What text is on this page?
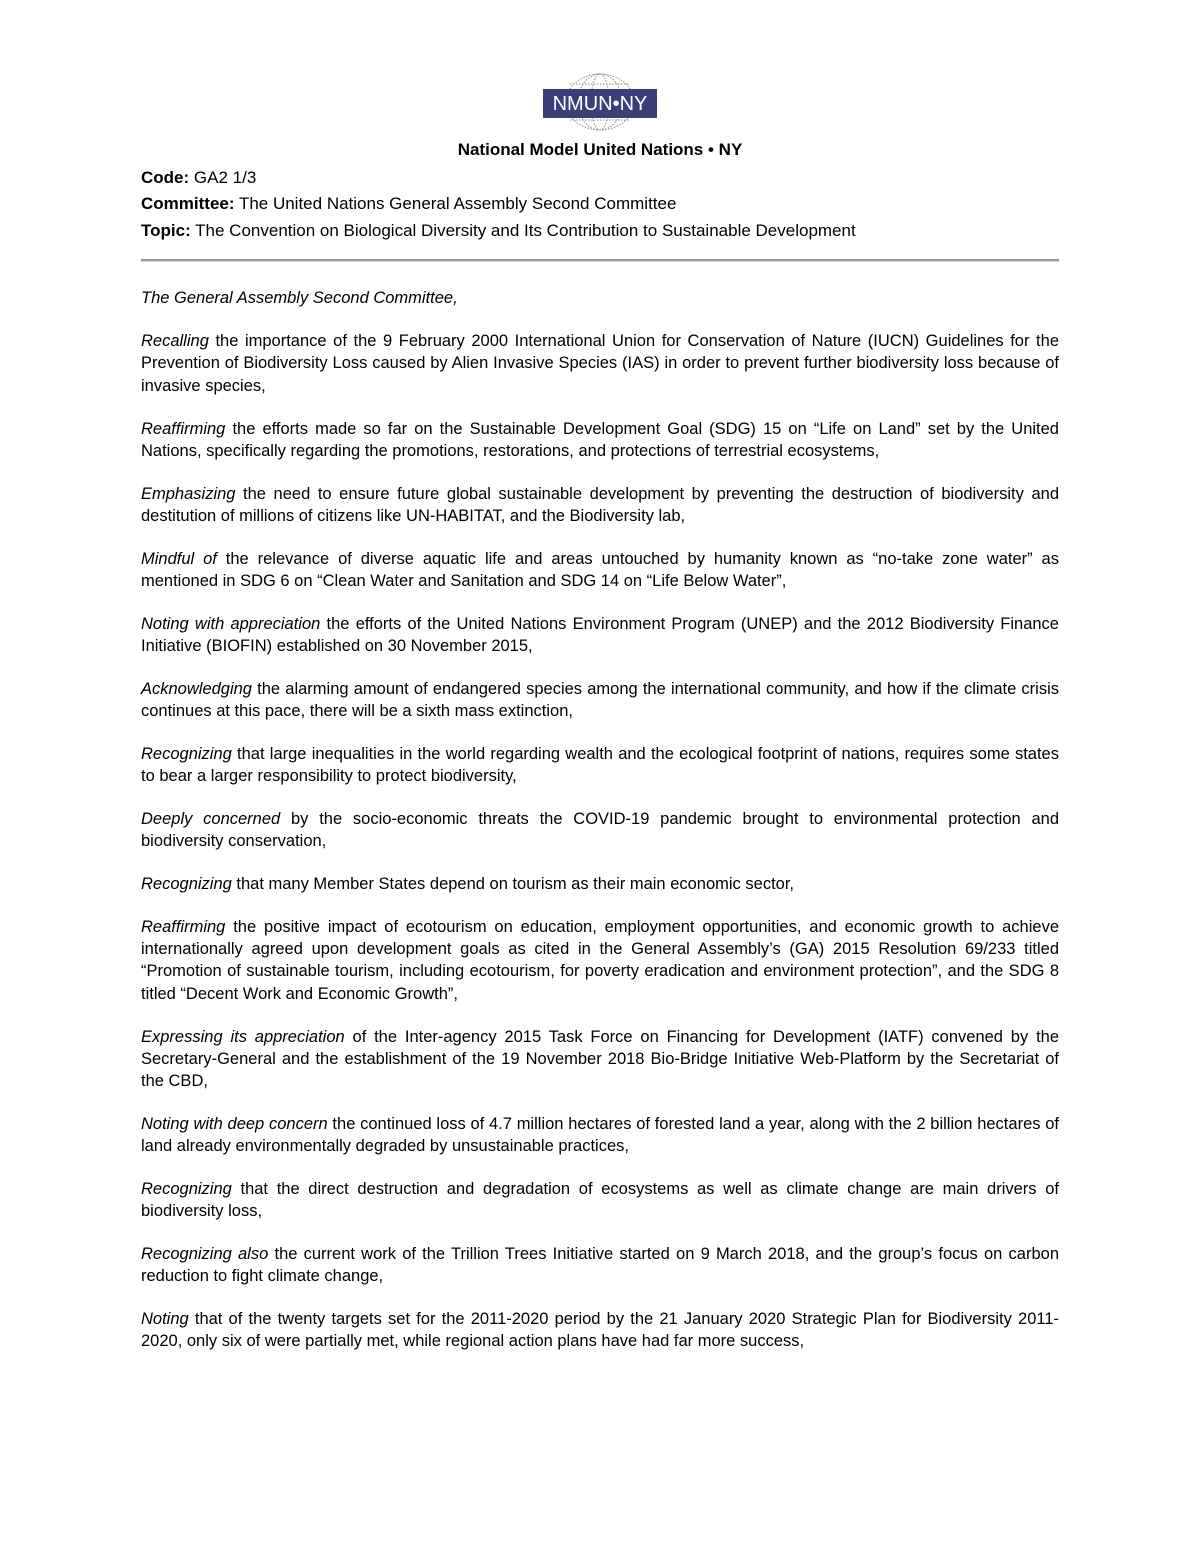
NMUN•NY
National Model United Nations • NY
Code: GA2 1/3
Committee: The United Nations General Assembly Second Committee
Topic: The Convention on Biological Diversity and Its Contribution to Sustainable Development

The General Assembly Second Committee,

Recalling the importance of the 9 February 2000 International Union for Conservation of Nature (IUCN) Guidelines for the Prevention of Biodiversity Loss caused by Alien Invasive Species (IAS) in order to prevent further biodiversity loss because of invasive species,

Reaffirming the efforts made so far on the Sustainable Development Goal (SDG) 15 on “Life on Land” set by the United Nations, specifically regarding the promotions, restorations, and protections of terrestrial ecosystems,

Emphasizing the need to ensure future global sustainable development by preventing the destruction of biodiversity and destitution of millions of citizens like UN-HABITAT, and the Biodiversity lab,

Mindful of the relevance of diverse aquatic life and areas untouched by humanity known as “no-take zone water” as mentioned in SDG 6 on “Clean Water and Sanitation and SDG 14 on “Life Below Water”,

Noting with appreciation the efforts of the United Nations Environment Program (UNEP) and the 2012 Biodiversity Finance Initiative (BIOFIN) established on 30 November 2015,

Acknowledging the alarming amount of endangered species among the international community, and how if the climate crisis continues at this pace, there will be a sixth mass extinction,

Recognizing that large inequalities in the world regarding wealth and the ecological footprint of nations, requires some states to bear a larger responsibility to protect biodiversity,

Deeply concerned by the socio-economic threats the COVID-19 pandemic brought to environmental protection and biodiversity conservation,

Recognizing that many Member States depend on tourism as their main economic sector,

Reaffirming the positive impact of ecotourism on education, employment opportunities, and economic growth to achieve internationally agreed upon development goals as cited in the General Assembly’s (GA) 2015 Resolution 69/233 titled “Promotion of sustainable tourism, including ecotourism, for poverty eradication and environment protection”, and the SDG 8 titled “Decent Work and Economic Growth”,

Expressing its appreciation of the Inter-agency 2015 Task Force on Financing for Development (IATF) convened by the Secretary-General and the establishment of the 19 November 2018 Bio-Bridge Initiative Web-Platform by the Secretariat of the CBD,

Noting with deep concern the continued loss of 4.7 million hectares of forested land a year, along with the 2 billion hectares of land already environmentally degraded by unsustainable practices,

Recognizing that the direct destruction and degradation of ecosystems as well as climate change are main drivers of biodiversity loss,

Recognizing also the current work of the Trillion Trees Initiative started on 9 March 2018, and the group’s focus on carbon reduction to fight climate change,

Noting that of the twenty targets set for the 2011-2020 period by the 21 January 2020 Strategic Plan for Biodiversity 2011-2020, only six of were partially met, while regional action plans have had far more success,
